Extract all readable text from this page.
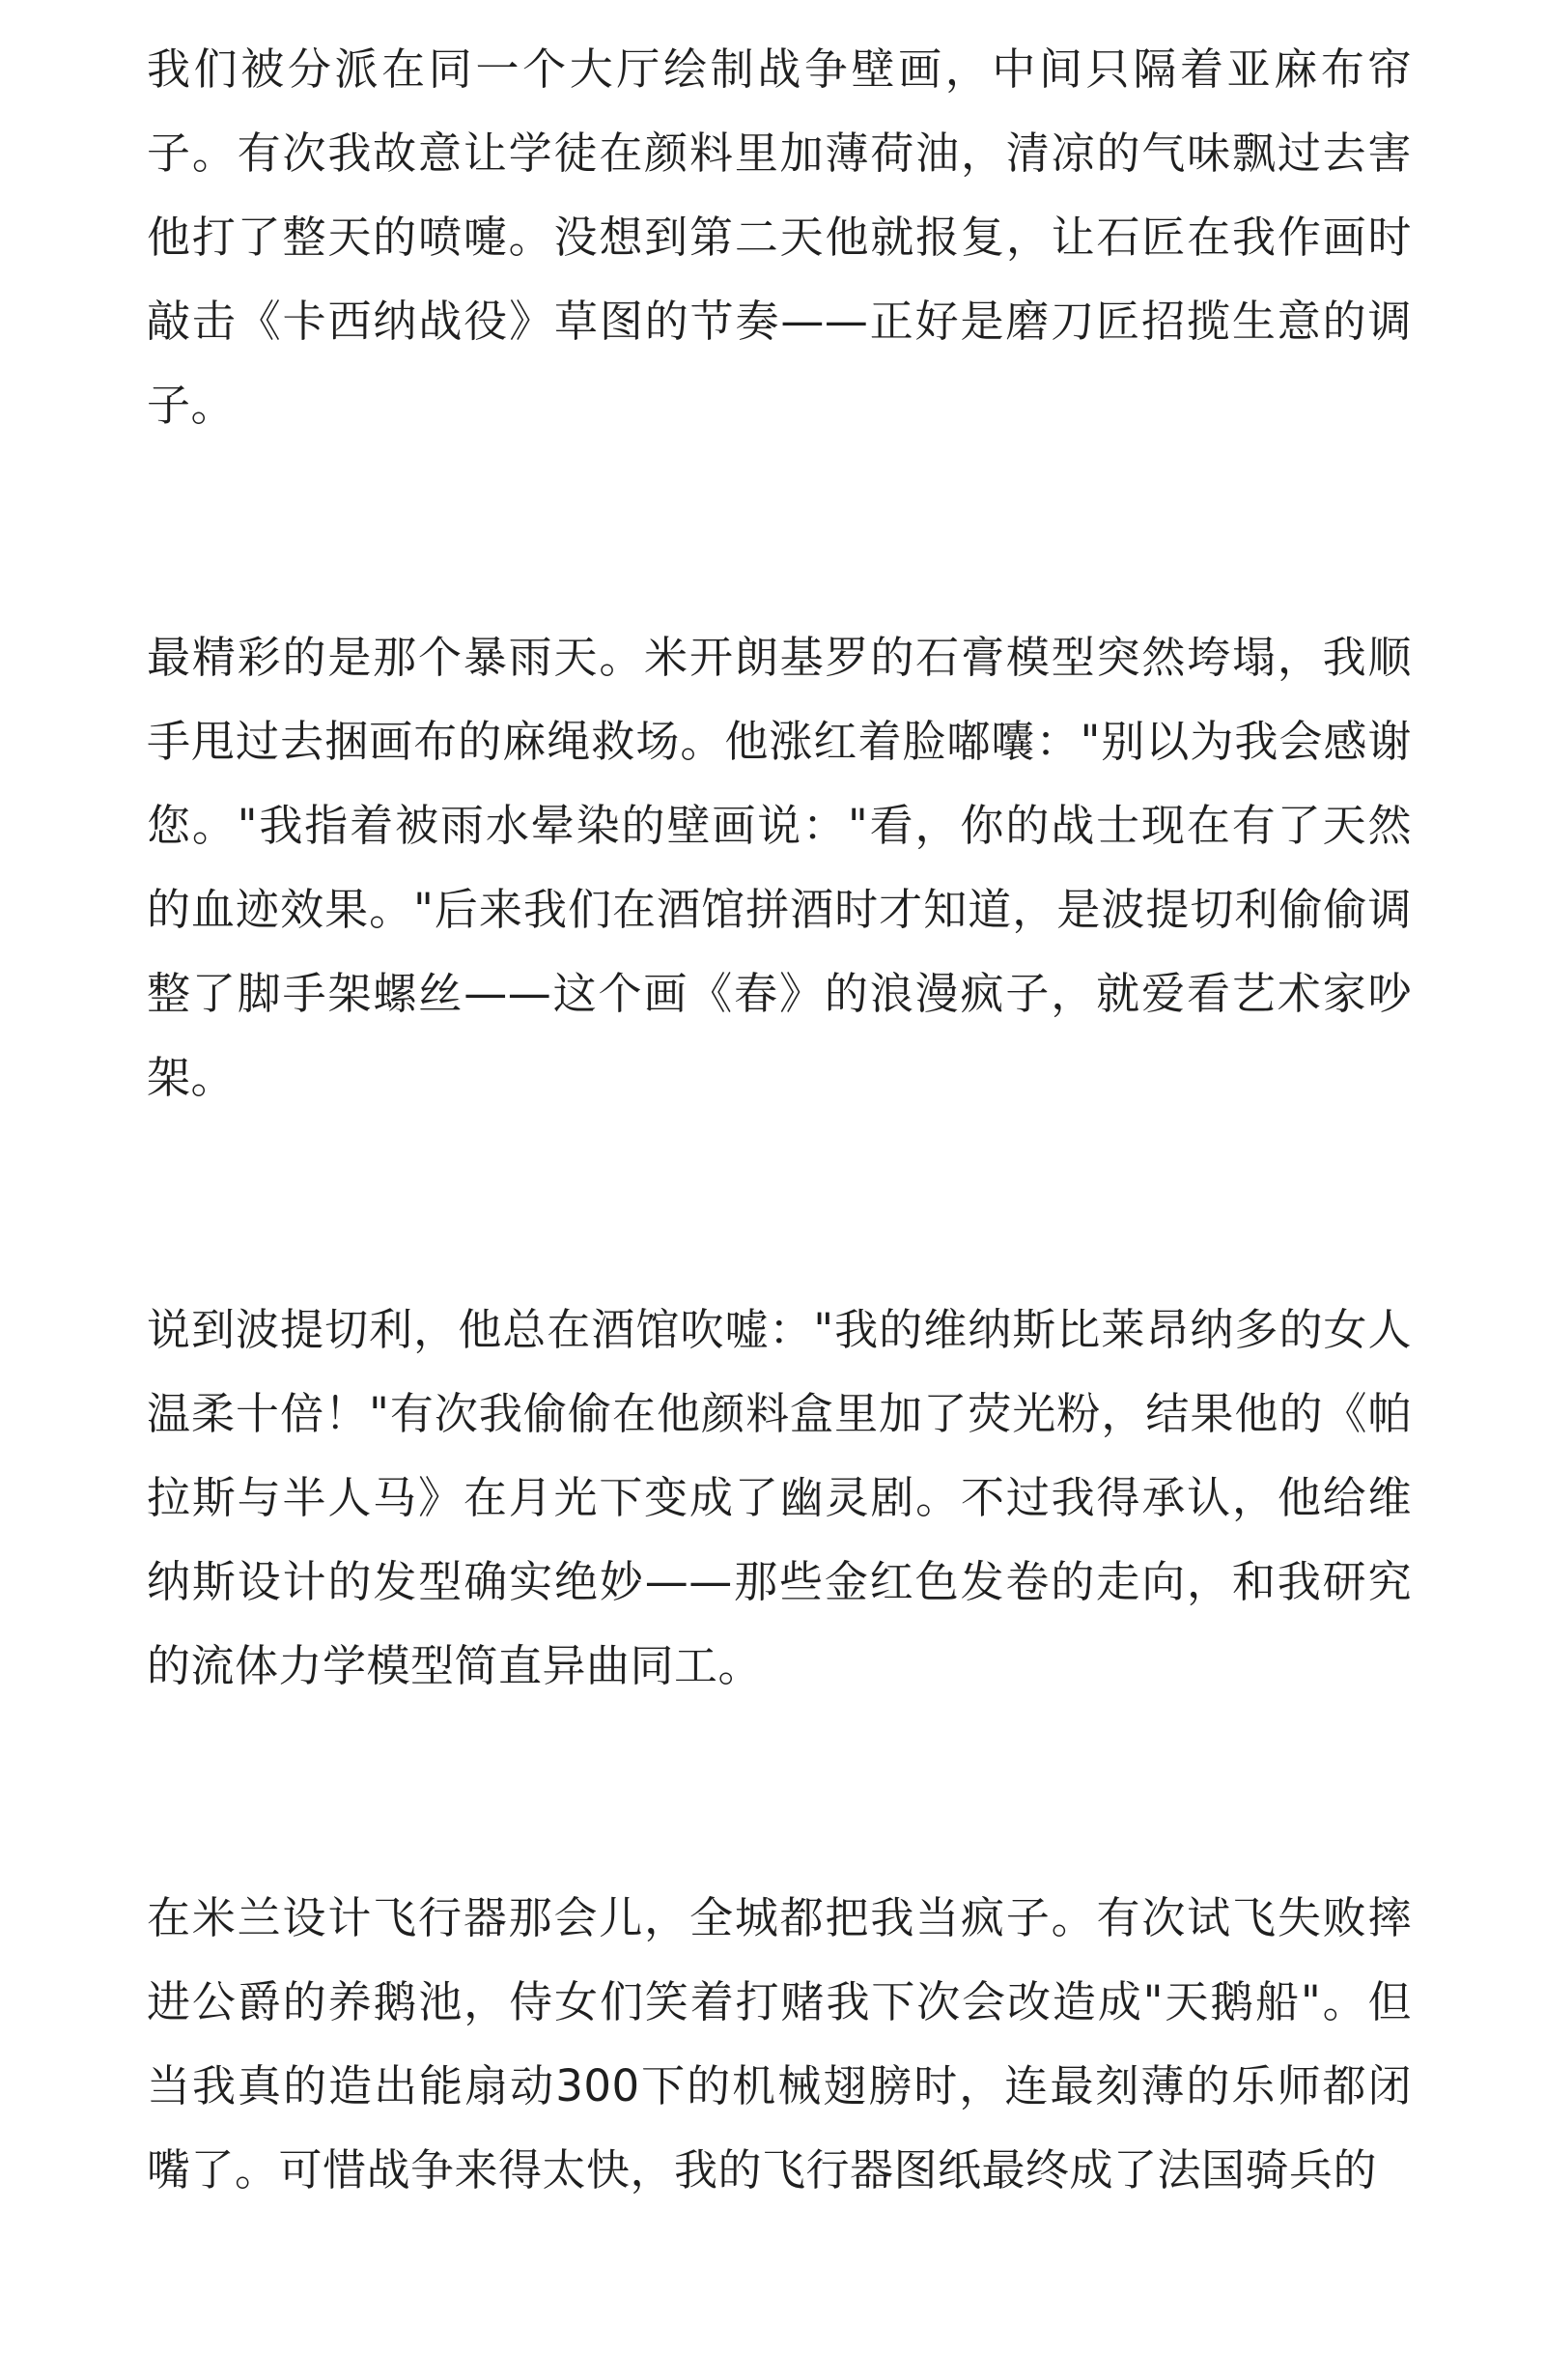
我们被分派在同一个大厅绘制战争壁画，中间只隔着亚麻布帘子。有次我故意让学徒在颜料里加薄荷油，清凉的气味飘过去害他打了整天的喷嚏。没想到第二天他就报复，让石匠在我作画时敲击《卡西纳战役》草图的节奏——正好是磨刀匠招揽生意的调子。

最精彩的是那个暴雨天。米开朗基罗的石膏模型突然垮塌，我顺手甩过去捆画布的麻绳救场。他涨红着脸嘟囔："别以为我会感谢您。"我指着被雨水晕染的壁画说："看，你的战士现在有了天然的血迹效果。"后来我们在酒馆拼酒时才知道，是波提切利偷偷调整了脚手架螺丝——这个画《春》的浪漫疯子，就爱看艺术家吵架。

说到波提切利，他总在酒馆吹嘘："我的维纳斯比莱昂纳多的女人温柔十倍！"有次我偷偷在他颜料盒里加了荧光粉，结果他的《帕拉斯与半人马》在月光下变成了幽灵剧。不过我得承认，他给维纳斯设计的发型确实绝妙——那些金红色发卷的走向，和我研究的流体力学模型简直异曲同工。

在米兰设计飞行器那会儿，全城都把我当疯子。有次试飞失败摔进公爵的养鹅池，侍女们笑着打赌我下次会改造成"天鹅船"。但当我真的造出能扇动300下的机械翅膀时，连最刻薄的乐师都闭嘴了。可惜战争来得太快，我的飞行器图纸最终成了法国骑兵的
